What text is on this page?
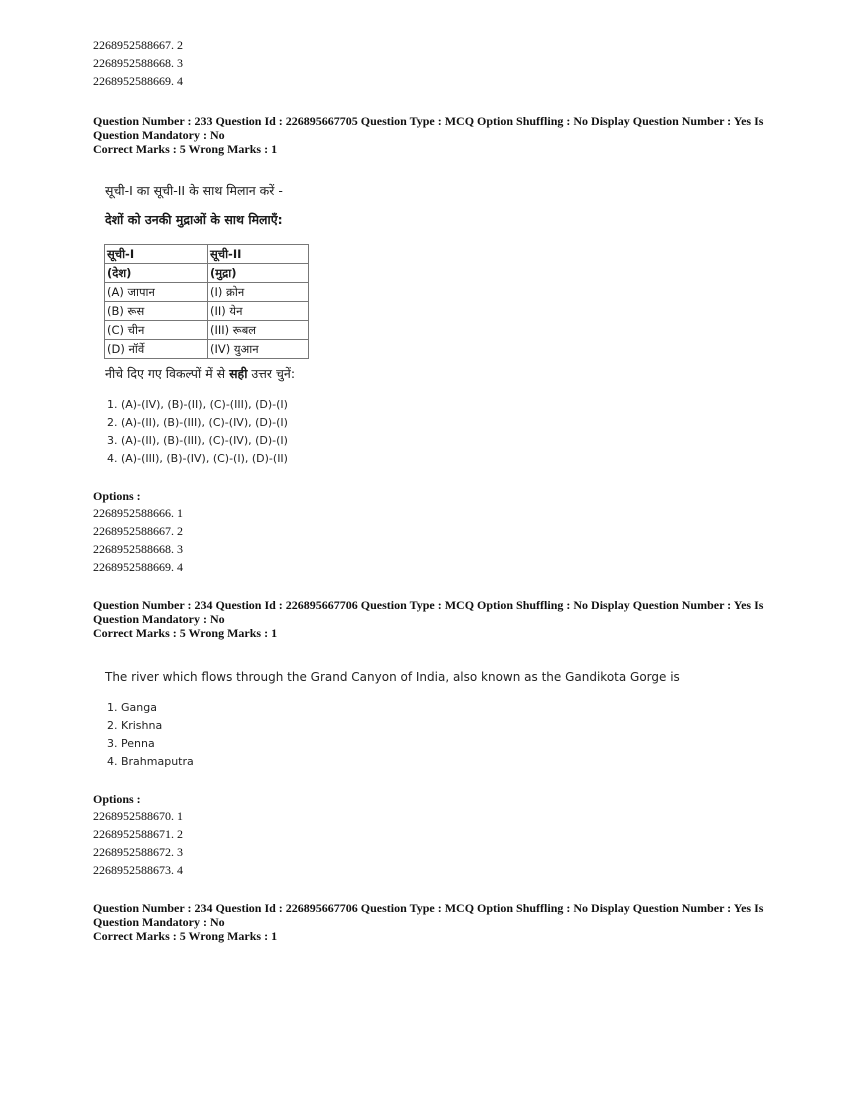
2268952588667. 2
2268952588668. 3
2268952588669. 4
Question Number : 233 Question Id : 226895667705 Question Type : MCQ Option Shuffling : No Display Question Number : Yes Is
Question Mandatory : No
Correct Marks : 5 Wrong Marks : 1
सूची-I का सूची-II के साथ मिलान करें -
देशों को उनकी मुद्राओं के साथ मिलाएँ:
सूची-I	सूची-II
(देश)	(मुद्रा)
(A) जापान	(I) क्रोन
(B) रूस	(II) येन
(C) चीन	(III) रूबल
(D) नॉर्वे	(IV) युआन
नीचे दिए गए विकल्पों में से सही उत्तर चुनें:
1. (A)-(IV), (B)-(II), (C)-(III), (D)-(I)
2. (A)-(II), (B)-(III), (C)-(IV), (D)-(I)
3. (A)-(II), (B)-(III), (C)-(IV), (D)-(I)
4. (A)-(III), (B)-(IV), (C)-(I), (D)-(II)
Options :
2268952588666. 1
2268952588667. 2
2268952588668. 3
2268952588669. 4
Question Number : 234 Question Id : 226895667706 Question Type : MCQ Option Shuffling : No Display Question Number : Yes Is
Question Mandatory : No
Correct Marks : 5 Wrong Marks : 1
The river which flows through the Grand Canyon of India, also known as the Gandikota Gorge is
1. Ganga
2. Krishna
3. Penna
4. Brahmaputra
Options :
2268952588670. 1
2268952588671. 2
2268952588672. 3
2268952588673. 4
Question Number : 234 Question Id : 226895667706 Question Type : MCQ Option Shuffling : No Display Question Number : Yes Is
Question Mandatory : No
Correct Marks : 5 Wrong Marks : 1
